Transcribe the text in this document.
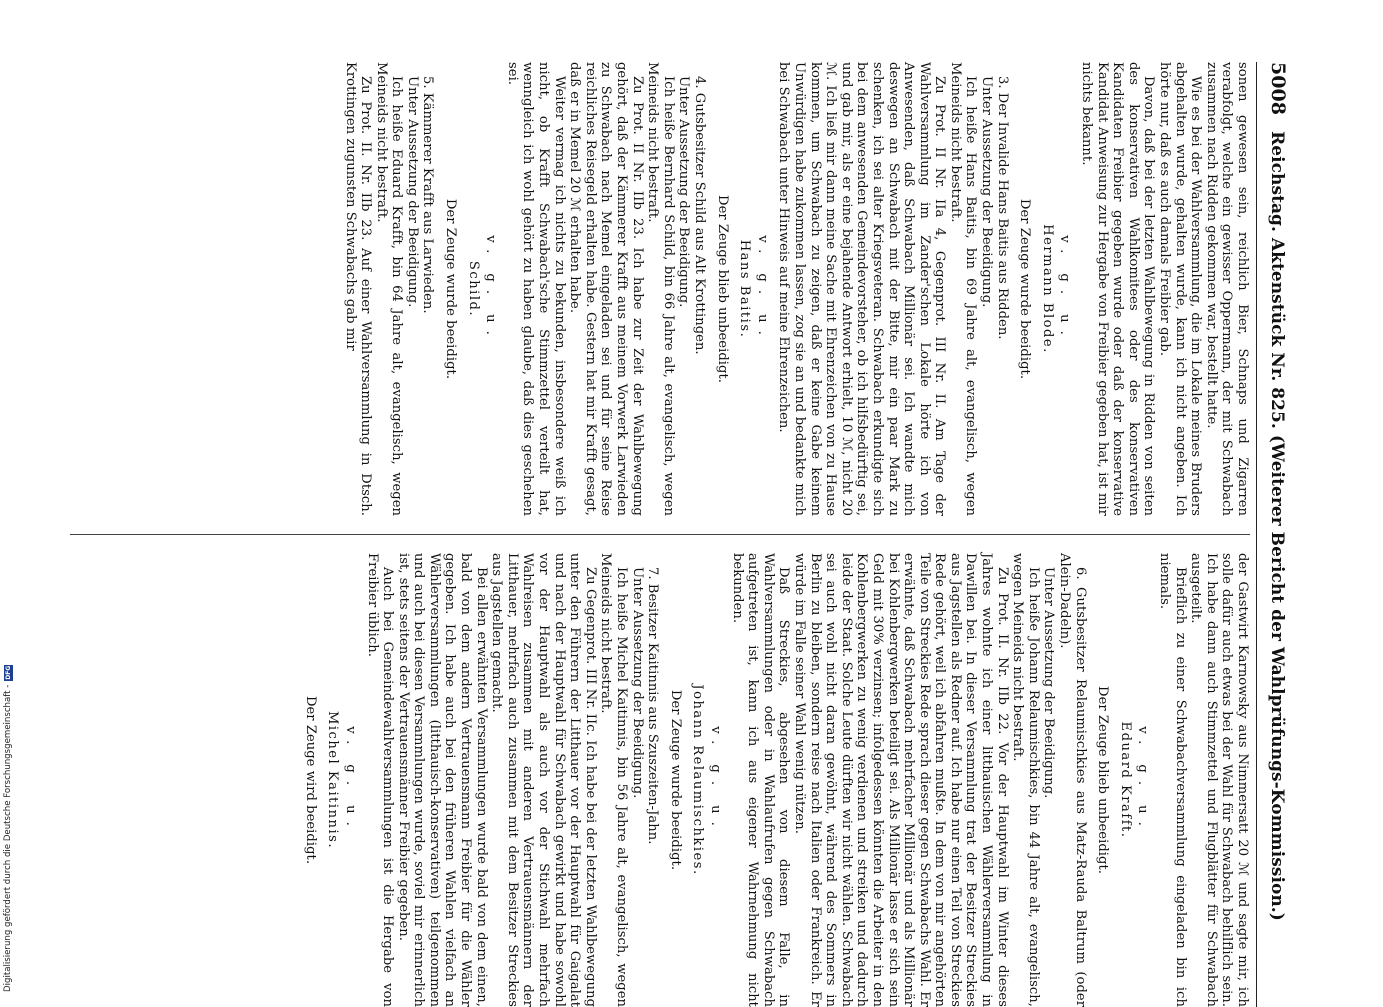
5008
Reichstag. Aktenstück Nr. 825. (Weiterer Bericht der Wahlprüfungs-Kommission.)

sonen gewesen sein, reichlich Bier, Schnaps und Zigarren verabfolgt, welche ein gewisser Oppermann, der mit Schwabach zusammen nach Ridden gekommen war, bestellt hatte.

Wie es bei der Wahlversammlung, die im Lokale meines Bruders abgehalten wurde, gehalten wurde, kann ich nicht angeben. Ich hörte nur, daß es auch damals Freibier gab.

Davon, daß bei der letzten Wahlbewegung in Ridden von seiten des konservativen Wahlkomitees oder des konservativen Kandidaten Freibier gegeben wurde oder daß der konservative Kandidat Anweisung zur Hergabe von Freibier gegeben hat, ist mir nichts bekannt.

v. g. u.
Hermann Blode.
Der Zeuge wurde beeidigt.

3. Der Invalide Hans Baitis aus Ridden.

Unter Aussetzung der Beeidigung.

Ich heiße Hans Baitis, bin 69 Jahre alt, evangelisch, wegen Meineids nicht bestraft.

Zu Prot. II Nr. IIa 4, Gegenprot. III Nr. II. Am Tage der Wahlversammlung im Zander'schen Lokale hörte ich von Anwesenden, daß Schwabach Millionär sei. Ich wandte mich deswegen an Schwabach mit der Bitte, mir ein paar Mark zu schenken, ich sei alter Kriegsveteran. Schwabach erkundigte sich bei dem anwesenden Gemeindevorsteher, ob ich hilfsbedürftig sei, und gab mir, als er eine bejahende Antwort erhielt, 10 ℳ, nicht 20 ℳ. Ich ließ mir dann meine Sache mit Ehrenzeichen von zu Hause kommen, um Schwabach zu zeigen, daß er keine Gabe keinem Unwürdigen habe zukommen lassen, zog sie an und bedankte mich bei Schwabach unter Hinweis auf meine Ehrenzeichen.

v. g. u.
Hans Baitis.
Der Zeuge blieb unbeeidigt.

4. Gutsbesitzer Schild aus Alt Krottingen.

Unter Aussetzung der Beeidigung.

Ich heiße Bernhard Schild, bin 66 Jahre alt, evangelisch, wegen Meineids nicht bestraft.

Zu Prot. II Nr. IIb 23. Ich habe zur Zeit der Wahlbewegung gehört, daß der Kämmerer Krafft aus meinem Vorwerk Larwieden zu Schwabach nach Memel eingeladen sei und für seine Reise reichliches Reisegeld erhalten habe. Gestern hat mir Krafft gesagt, daß er in Memel 20 ℳ erhalten habe.

Weiter vermag ich nichts zu bekunden, insbesondere weiß ich nicht, ob Krafft Schwabach'sche Stimmzettel verteilt hat, wenngleich ich wohl gehört zu haben glaube, daß dies geschehen sei.

v. g. u.
Schild.
Der Zeuge wurde beeidigt.

5. Kämmerer Krafft aus Larwieden.

Unter Aussetzung der Beeidigung.

Ich heiße Eduard Krafft, bin 64 Jahre alt, evangelisch, wegen Meineids nicht bestraft.

Zu Prot. II. Nr. IIb 23. Auf einer Wahlversammlung in Dtsch. Krottingen zugunsten Schwabachs gab mir

der Gastwirt Karnowsky aus Nimmersatt 20 ℳ und sagte mir, ich solle dafür auch etwas bei der Wahl für Schwabach behilflich sein. Ich habe dann auch Stimmzettel und Flugblätter für Schwabach ausgeteilt.

Brieflich zu einer Schwabachversammlung eingeladen bin ich niemals.

v. g. u.
Eduard Krafft.
Der Zeuge blieb unbeeidigt.

6. Gutsbesitzer Relaumischkies aus Matz-Rauda Baltrum (oder Alein-Dadeln).

Unter Aussetzung der Beeidigung.

Ich heiße Johann Relaumischkies, bin 44 Jahre alt, evangelisch, wegen Meineids nicht bestraft.

Zu Prot. II. Nr. IIb 22. Vor der Hauptwahl im Winter dieses Jahres wohnte ich einer litthauischen Wählerversammlung in Dawillen bei. In dieser Versammlung trat der Besitzer Streckies aus Jagstellen als Redner auf. Ich habe nur einen Teil von Streckies Rede gehört, weil ich abfahren mußte. In dem von mir angehörten Teile von Streckies Rede sprach dieser gegen Schwabachs Wahl. Er erwähnte, daß Schwabach mehrfacher Millionär und als Millionär bei Kohlenbergwerken beteiligt sei. Als Millionär lasse er sich sein Geld mit 30% verzinsen; infolgedessen könnten die Arbeiter in den Kohlenbergwerken zu wenig verdienen und streiken und dadurch leide der Staat. Solche Leute dürften wir nicht wählen. Schwabach sei auch wohl nicht daran gewöhnt, während des Sommers in Berlin zu bleiben, sondern reise nach Italien oder Frankreich. Er würde im Falle seiner Wahl wenig nützen.

Daß Streckies, abgesehen von diesem Falle, in Wahlversammlungen oder in Wahlaufrufen gegen Schwabach aufgetreten ist, kann ich aus eigener Wahrnehmung nicht bekunden.

v. g. u.
Johann Relaumischkies.
Der Zeuge wurde beeidigt.

7. Besitzer Kaitinnis aus Szuszeiten-Jahn.

Unter Aussetzung der Beeidigung.

Ich heiße Michel Kaitinnis, bin 56 Jahre alt, evangelisch, wegen Meineids nicht bestraft.

Zu Gegenprot. III Nr. IIc. Ich habe bei der letzten Wahlbewegung unter den Führern der Litthauer vor der Hauptwahl für Gaigalat und nach der Hauptwahl für Schwabach gewirkt und habe sowohl vor der Hauptwahl als auch vor der Stichwahl mehrfach Wahlreisen zusammen mit anderen Vertrauensmännern der Litthauer, mehrfach auch zusammen mit dem Besitzer Streckies aus Jagstellen gemacht.

Bei allen erwähnten Versammlungen wurde bald von dem einen, bald von dem andern Vertrauensmann Freibier für die Wähler gegeben. Ich habe auch bei den früheren Wahlen vielfach an Wählerversammlungen (litthauisch-konservativen) teilgenommen und auch bei diesen Versammlungen wurde, soviel mir erinnerlich ist, stets seitens der Vertrauensmänner Freibier gegeben.

Auch bei Gemeindewahlversammlungen ist die Hergabe von Freibier üblich.

v. g. u.
Michel Kaitinnis.
Der Zeuge wird beeidigt.
Digitalisierung gefördert durch die Deutsche Forschungsgemeinschaft -
DFG
